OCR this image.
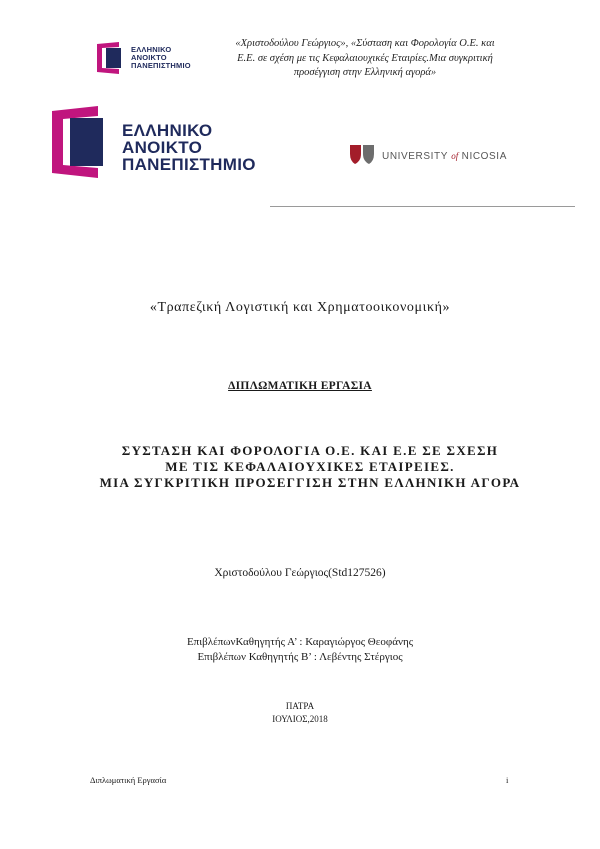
ΕΛΛΗΝΙΚΟ
ΑΝΟΙΚΤΟ
ΠΑΝΕΠΙΣΤΗΜΙΟ
«Χριστοδούλου Γεώργιος», «Σύσταση και Φορολογία Ο.Ε. και
Ε.Ε. σε σχέση με τις Κεφαλαιουχικές Εταιρίες.Μια συγκριτική
προσέγγιση στην Ελληνική αγορά»
ΕΛΛΗΝΙΚΟ
ΑΝΟΙΚΤΟ
ΠΑΝΕΠΙΣΤΗΜΙΟ	UNIVERSITY of NICOSIA
«Τραπεζική Λογιστική και Χρηματοοικονομική»
ΔΙΠΛΩΜΑΤΙΚΗ ΕΡΓΑΣΙΑ
ΣΥΣΤΑΣΗ ΚΑΙ ΦΟΡΟΛΟΓΙΑ Ο.Ε. ΚΑΙ Ε.Ε ΣΕ ΣΧΕΣΗ
ΜΕ ΤΙΣ ΚΕΦΑΛΑΙΟΥΧΙΚΕΣ ΕΤΑΙΡΕΙΕΣ.
ΜΙΑ ΣΥΓΚΡΙΤΙΚΗ ΠΡΟΣΕΓΓΙΣΗ ΣΤΗΝ ΕΛΛΗΝΙΚΗ ΑΓΟΡΑ
Χριστοδούλου Γεώργιος(Std127526)
ΕπιβλέπωνΚαθηγητής Α’ : Καραγιώργος Θεοφάνης
Επιβλέπων Καθηγητής Β’ : Λεβέντης Στέργιος
ΠΑΤΡΑ
ΙΟΥΛΙΟΣ,2018
Διπλωματική Εργασία	i
